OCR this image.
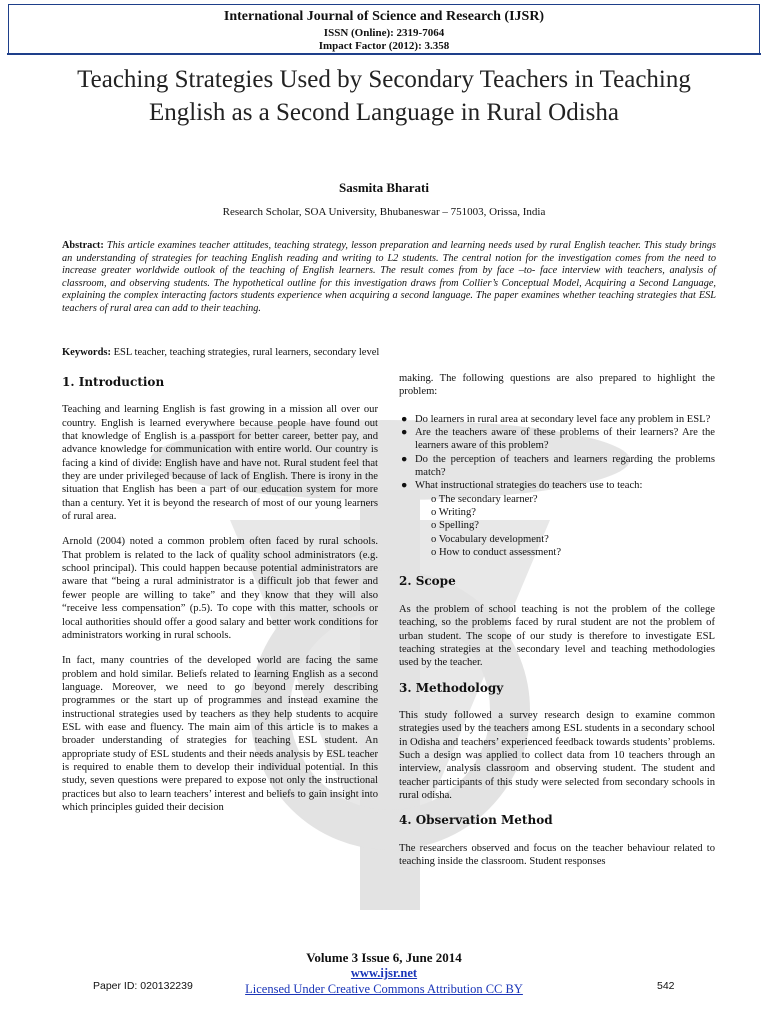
International Journal of Science and Research (IJSR)
ISSN (Online): 2319-7064
Impact Factor (2012): 3.358
Teaching Strategies Used by Secondary Teachers in Teaching English as a Second Language in Rural Odisha
Sasmita Bharati
Research Scholar, SOA University, Bhubaneswar – 751003, Orissa, India
Abstract: This article examines teacher attitudes, teaching strategy, lesson preparation and learning needs used by rural English teacher. This study brings an understanding of strategies for teaching English reading and writing to L2 students. The central notion for the investigation comes from the need to increase greater worldwide outlook of the teaching of English learners. The result comes from by face –to- face interview with teachers, analysis of classroom, and observing students. The hypothetical outline for this investigation draws from Collier’s Conceptual Model, Acquiring a Second Language, explaining the complex interacting factors students experience when acquiring a second language. The paper examines whether teaching strategies that ESL teachers of rural area can add to their teaching.
Keywords: ESL teacher, teaching strategies, rural learners, secondary level
1. Introduction

Teaching and learning English is fast growing in a mission all over our country. English is learned everywhere because people have found out that knowledge of English is a passport for better career, better pay, and advance knowledge for communication with entire world. Our country is facing a kind of divide: English have and have not. Rural student feel that they are under privileged because of lack of English. There is irony in the situation that English has been a part of our education system for more than a century. Yet it is beyond the research of most of our young learners of rural area.

Arnold (2004) noted a common problem often faced by rural schools. That problem is related to the lack of quality school administrators (e.g. school principal). This could happen because potential administrators are aware that “being a rural administrator is a difficult job that fewer and fewer people are willing to take” and they know that they will also “receive less compensation” (p.5). To cope with this matter, schools or local authorities should offer a good salary and better work conditions for administrators working in rural schools.

In fact, many countries of the developed world are facing the same problem and hold similar. Beliefs related to learning English as a second language. Moreover, we need to go beyond merely describing programmes or the start up of programmes and instead examine the instructional strategies used by teachers as they help students to acquire ESL with ease and fluency. The main aim of this article is to makes a broader understanding of strategies for teaching ESL student. An appropriate study of ESL students and their needs analysis by ESL teacher is required to enable them to develop their individual potential. In this study, seven questions were prepared to expose not only the instructional practices but also to learn teachers’ interest and beliefs to gain insight into which principles guided their decision

making. The following questions are also prepared to highlight the problem:

● Do learners in rural area at secondary level face any problem in ESL?
● Are the teachers aware of these problems of their learners? Are the learners aware of this problem?
● Do the perception of teachers and learners regarding the problems match?
● What instructional strategies do teachers use to teach:
o The secondary learner?
o Writing?
o Spelling?
o Vocabulary development?
o How to conduct assessment?
2. Scope

As the problem of school teaching is not the problem of the college teaching, so the problems faced by rural student are not the problem of urban student. The scope of our study is therefore to investigate ESL teaching strategies at the secondary level and teaching methodologies used by the teacher.

3. Methodology

This study followed a survey research design to examine common strategies used by the teachers among ESL students in a secondary school in Odisha and teachers’ experienced feedback towards students’ problems. Such a design was applied to collect data from 10 teachers through an interview, analysis classroom and observing student. The student and teacher participants of this study were selected from secondary schools in rural odisha.

4. Observation Method

The researchers observed and focus on the teacher behaviour related to teaching inside the classroom. Student responses

Volume 3 Issue 6, June 2014
www.ijsr.net
Licensed Under Creative Commons Attribution CC BY
Paper ID: 020132239	542
